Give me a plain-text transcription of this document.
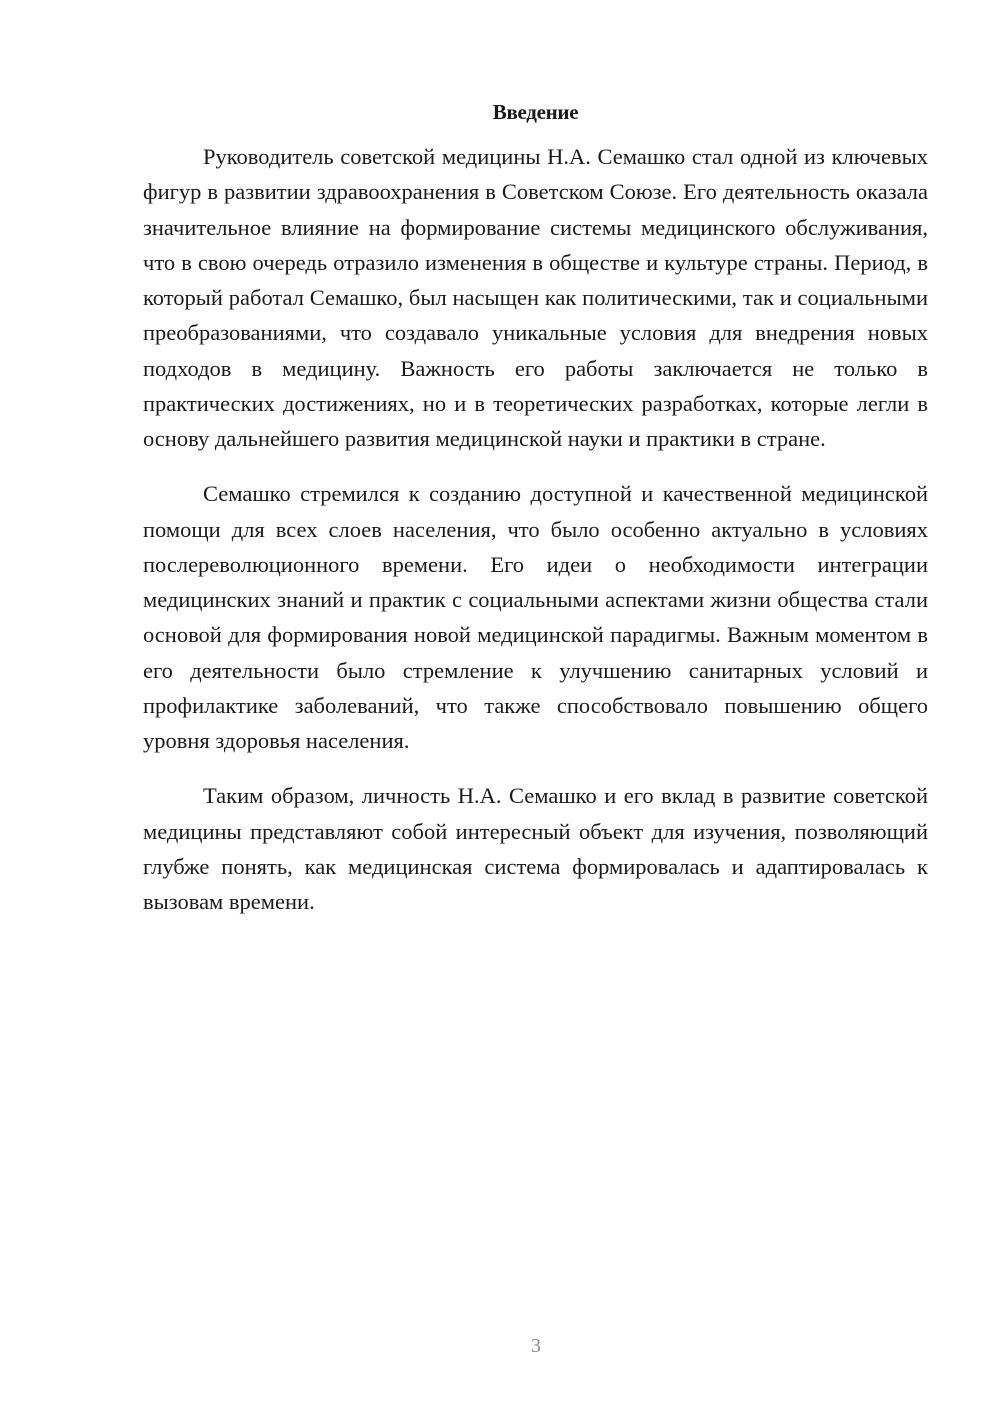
Введение

Руководитель советской медицины Н.А. Семашко стал одной из ключевых фигур в развитии здравоохранения в Советском Союзе. Его деятельность оказала значительное влияние на формирование системы медицинского обслуживания, что в свою очередь отразило изменения в обществе и культуре страны. Период, в который работал Семашко, был насыщен как политическими, так и социальными преобразованиями, что создавало уникальные условия для внедрения новых подходов в медицину. Важность его работы заключается не только в практических достижениях, но и в теоретических разработках, которые легли в основу дальнейшего развития медицинской науки и практики в стране.

Семашко стремился к созданию доступной и качественной медицинской помощи для всех слоев населения, что было особенно актуально в условиях послереволюционного времени. Его идеи о необходимости интеграции медицинских знаний и практик с социальными аспектами жизни общества стали основой для формирования новой медицинской парадигмы. Важным моментом в его деятельности было стремление к улучшению санитарных условий и профилактике заболеваний, что также способствовало повышению общего уровня здоровья населения.

Таким образом, личность Н.А. Семашко и его вклад в развитие советской медицины представляют собой интересный объект для изучения, позволяющий глубже понять, как медицинская система формировалась и адаптировалась к вызовам времени.

3
